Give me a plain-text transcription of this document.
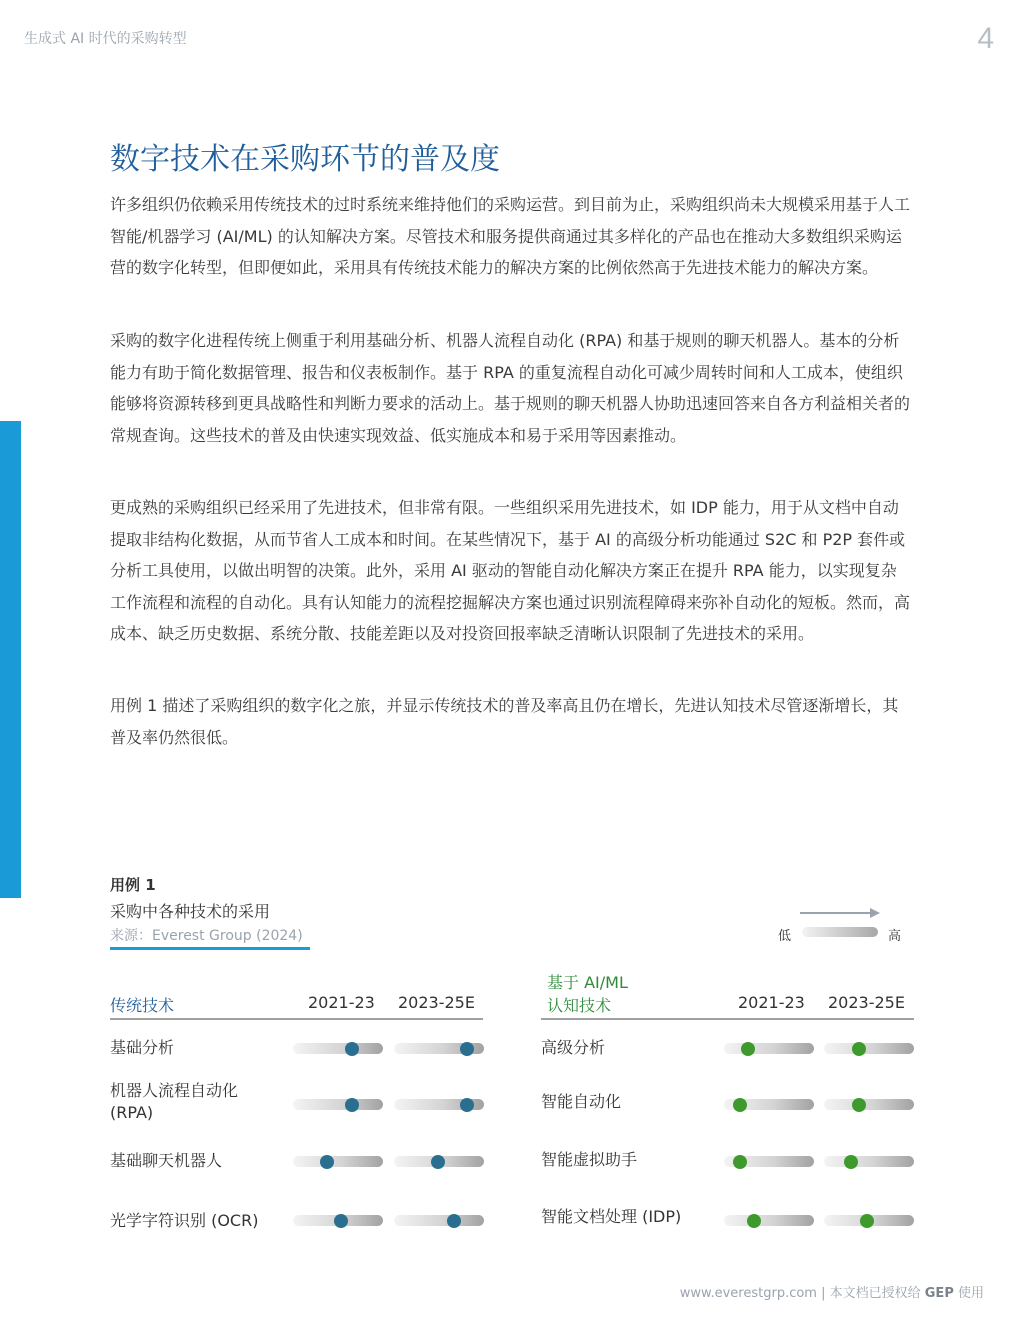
生成式 AI 时代的采购转型	4
数字技术在采购环节的普及度

许多组织仍依赖采用传统技术的过时系统来维持他们的采购运营。到目前为止，采购组织尚未大规模采用基于人工智能/机器学习 (AI/ML) 的认知解决方案。尽管技术和服务提供商通过其多样化的产品也在推动大多数组织采购运营的数字化转型，但即便如此，采用具有传统技术能力的解决方案的比例依然高于先进技术能力的解决方案。

采购的数字化进程传统上侧重于利用基础分析、机器人流程自动化 (RPA) 和基于规则的聊天机器人。基本的分析能力有助于简化数据管理、报告和仪表板制作。基于 RPA 的重复流程自动化可减少周转时间和人工成本，使组织能够将资源转移到更具战略性和判断力要求的活动上。基于规则的聊天机器人协助迅速回答来自各方利益相关者的常规查询。这些技术的普及由快速实现效益、低实施成本和易于采用等因素推动。

更成熟的采购组织已经采用了先进技术，但非常有限。一些组织采用先进技术，如 IDP 能力，用于从文档中自动提取非结构化数据，从而节省人工成本和时间。在某些情况下，基于 AI 的高级分析功能通过 S2C 和 P2P 套件或分析工具使用，以做出明智的决策。此外，采用 AI 驱动的智能自动化解决方案正在提升 RPA 能力，以实现复杂工作流程和流程的自动化。具有认知能力的流程挖掘解决方案也通过识别流程障碍来弥补自动化的短板。然而，高成本、缺乏历史数据、系统分散、技能差距以及对投资回报率缺乏清晰认识限制了先进技术的采用。

用例 1 描述了采购组织的数字化之旅，并显示传统技术的普及率高且仍在增长，先进认知技术尽管逐渐增长，其普及率仍然很低。

用例 1
采购中各种技术的采用
来源：Everest Group (2024)	低	高
传统技术	2021-23 2023-25E
基于 AI/ML
认知技术	2021-23 2023-25E
基础分析
机器人流程自动化
(RPA)
基础聊天机器人
光学字符识别 (OCR)
高级分析
智能自动化
智能虚拟助手
智能文档处理 (IDP)
www.everestgrp.com | 本文档已授权给 GEP 使用
